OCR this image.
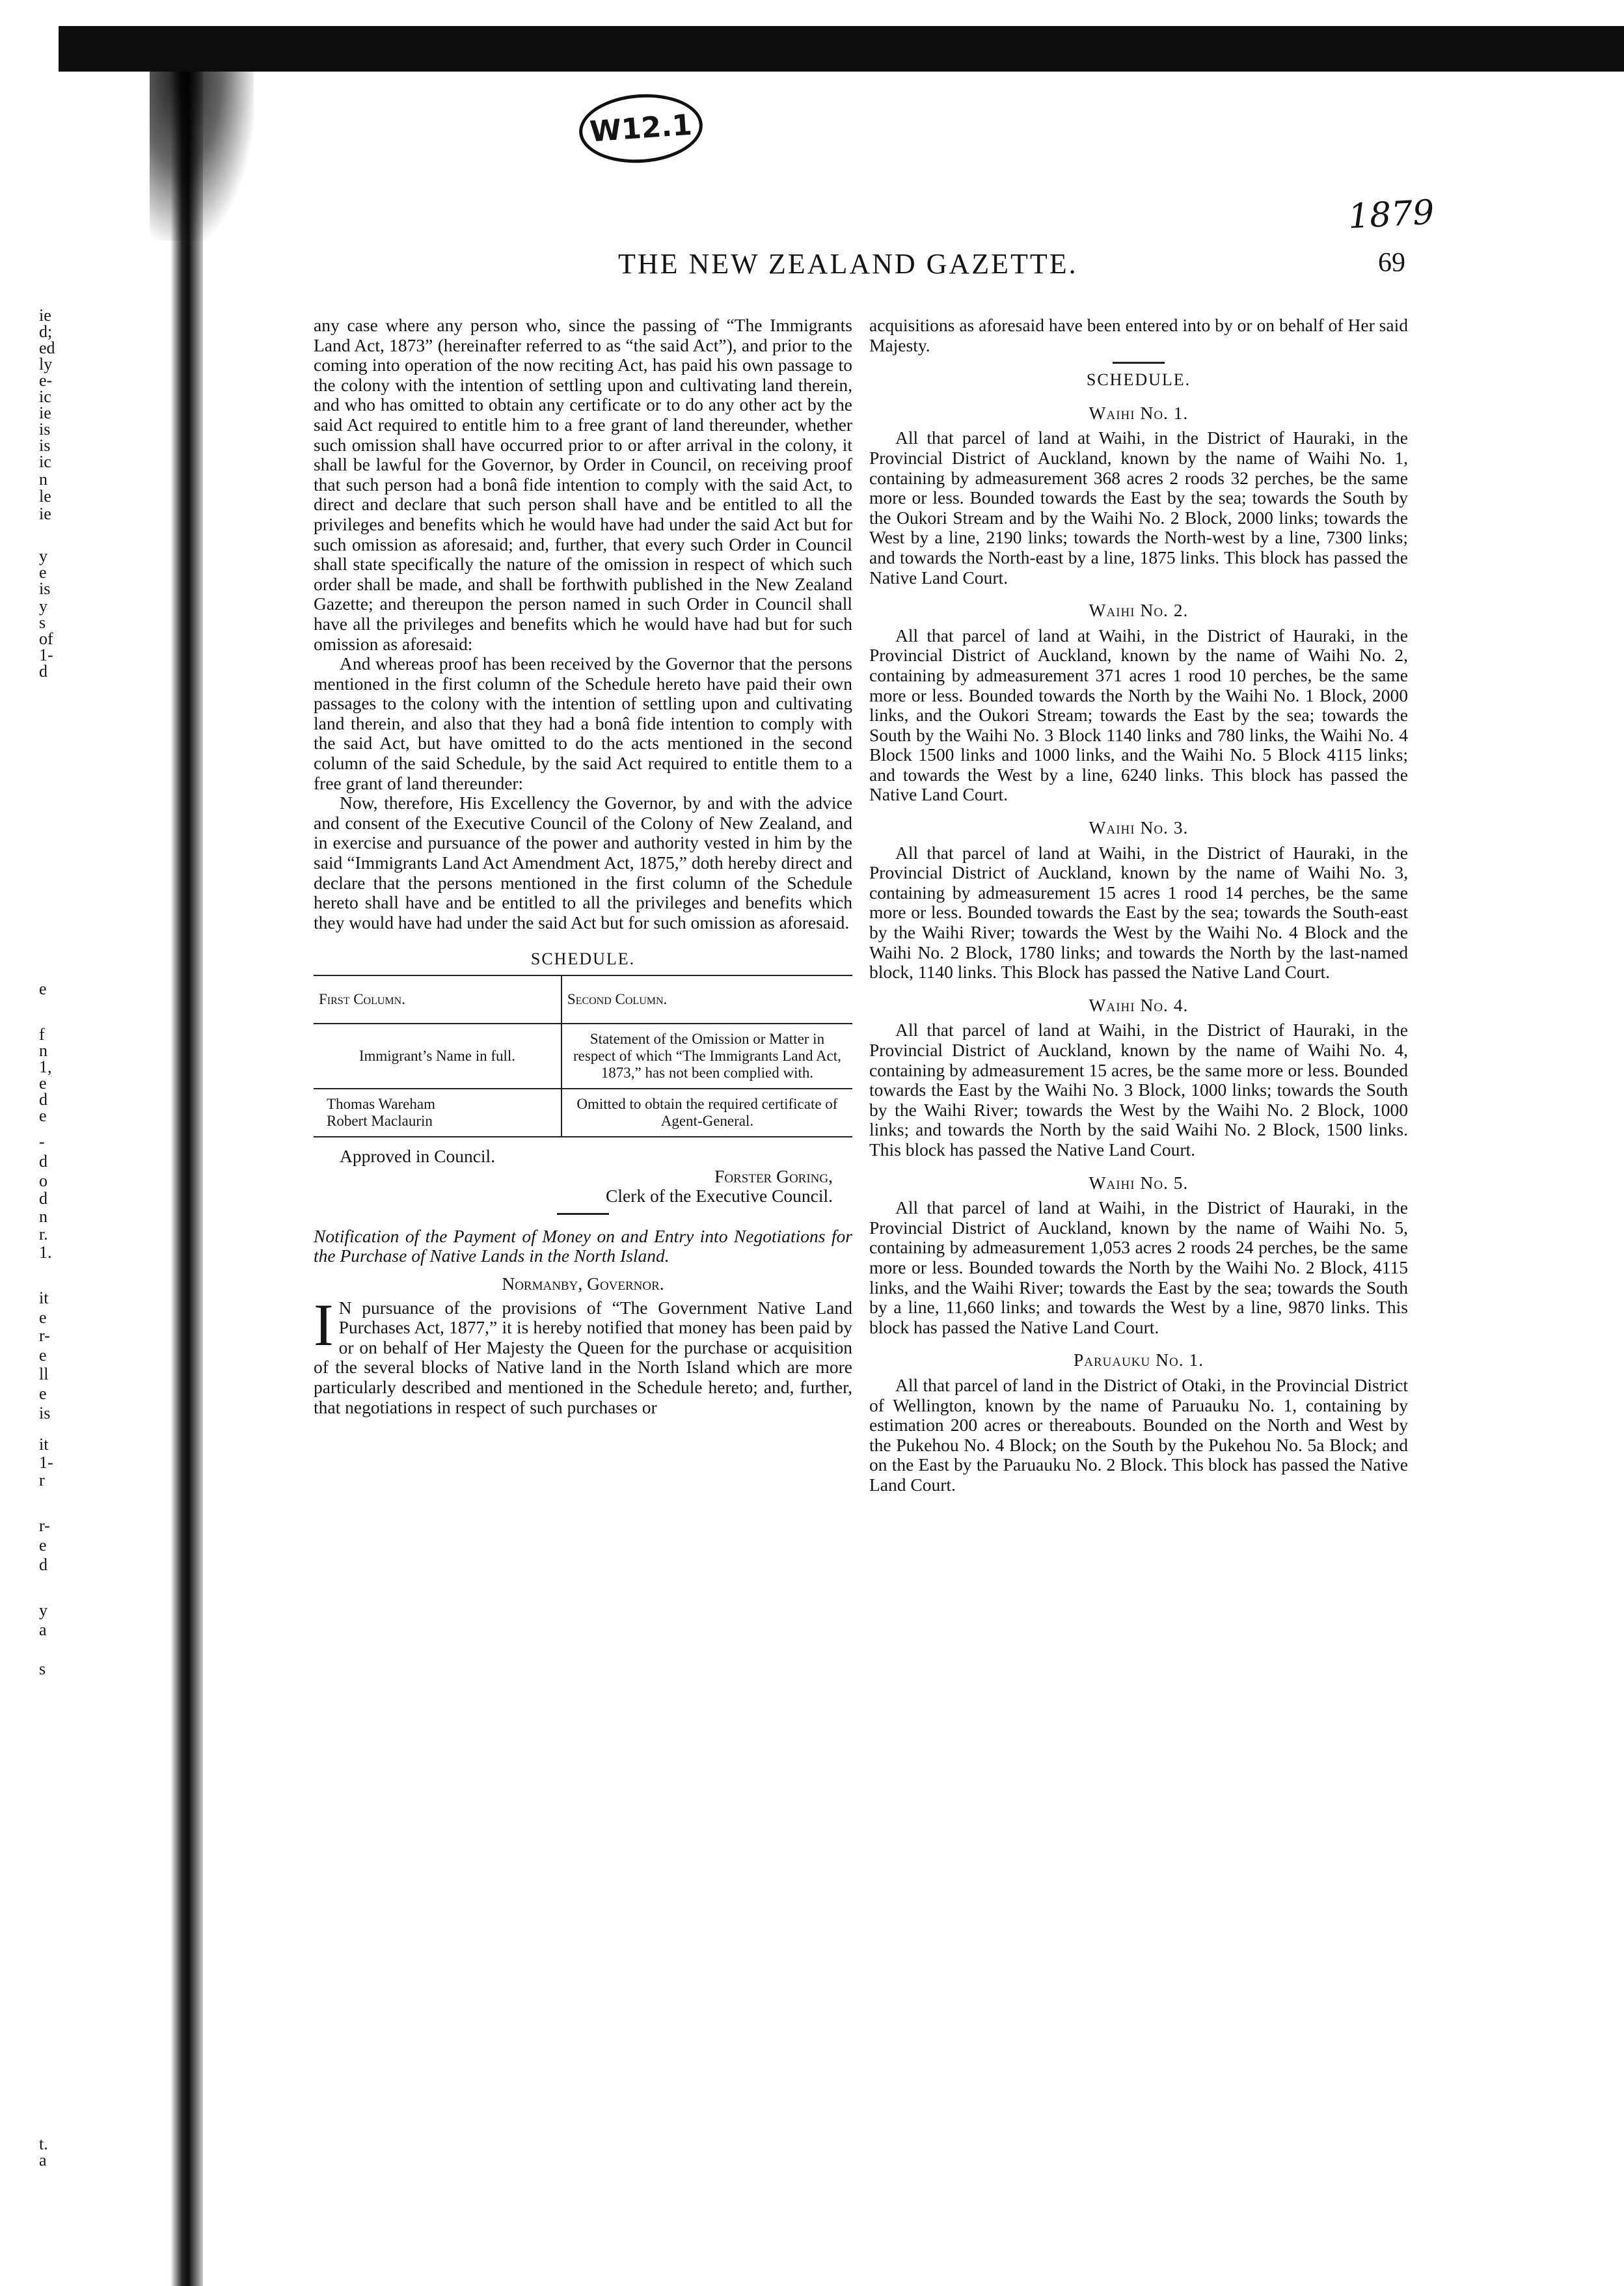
W12.1
1879
THE NEW ZEALAND GAZETTE.	69
ie
d;
ed
ly
e-
ic
ie
is
is
ic
n
le
ie
y
e
is
y
s
of
1-
d
e
f
n
1,
e
d
e
-
d
o
d
n
r.
1.
it
e
r-
e
ll
e
is
it
1-
r
r-
e
d
y
a
s
t.
a

any case where any person who, since the passing of “The Immigrants Land Act, 1873” (hereinafter referred to as “the said Act”), and prior to the coming into operation of the now reciting Act, has paid his own passage to the colony with the intention of settling upon and cultivating land therein, and who has omitted to obtain any certificate or to do any other act by the said Act required to entitle him to a free grant of land thereunder, whether such omission shall have occurred prior to or after arrival in the colony, it shall be lawful for the Governor, by Order in Council, on receiving proof that such person had a bonâ fide intention to comply with the said Act, to direct and declare that such person shall have and be entitled to all the privileges and benefits which he would have had under the said Act but for such omission as aforesaid; and, further, that every such Order in Council shall state specifically the nature of the omission in respect of which such order shall be made, and shall be forthwith published in the New Zealand Gazette; and thereupon the person named in such Order in Council shall have all the privileges and benefits which he would have had but for such omission as aforesaid:

And whereas proof has been received by the Governor that the persons mentioned in the first column of the Schedule hereto have paid their own passages to the colony with the intention of settling upon and cultivating land therein, and also that they had a bonâ fide intention to comply with the said Act, but have omitted to do the acts mentioned in the second column of the said Schedule, by the said Act required to entitle them to a free grant of land thereunder:

Now, therefore, His Excellency the Governor, by and with the advice and consent of the Executive Council of the Colony of New Zealand, and in exercise and pursuance of the power and authority vested in him by the said “Immigrants Land Act Amendment Act, 1875,” doth hereby direct and declare that the persons mentioned in the first column of the Schedule hereto shall have and be entitled to all the privileges and benefits which they would have had under the said Act but for such omission as aforesaid.

SCHEDULE.

First Column.	Second Column.
Immigrant’s Name in full.	Statement of the Omission or Matter in respect of which “The Immigrants Land Act, 1873,” has not been complied with.
Thomas Wareham
Robert Maclaurin	Omitted to obtain the required certificate of Agent-General.

Approved in Council.

Forster Goring,

Clerk of the Executive Council.

Notification of the Payment of Money on and Entry into Negotiations for the Purchase of Native Lands in the North Island.

Normanby, Governor.

I N pursuance of the provisions of “The Government Native Land Purchases Act, 1877,” it is hereby notified that money has been paid by or on behalf of Her Majesty the Queen for the purchase or acquisition of the several blocks of Native land in the North Island which are more particularly described and mentioned in the Schedule hereto; and, further, that negotiations in respect of such purchases or

acquisitions as aforesaid have been entered into by or on behalf of Her said Majesty.

SCHEDULE.

Waihi No. 1.

All that parcel of land at Waihi, in the District of Hauraki, in the Provincial District of Auckland, known by the name of Waihi No. 1, containing by admeasurement 368 acres 2 roods 32 perches, be the same more or less. Bounded towards the East by the sea; towards the South by the Oukori Stream and by the Waihi No. 2 Block, 2000 links; towards the West by a line, 2190 links; towards the North-west by a line, 7300 links; and towards the North-east by a line, 1875 links. This block has passed the Native Land Court.

Waihi No. 2.

All that parcel of land at Waihi, in the District of Hauraki, in the Provincial District of Auckland, known by the name of Waihi No. 2, containing by admeasurement 371 acres 1 rood 10 perches, be the same more or less. Bounded towards the North by the Waihi No. 1 Block, 2000 links, and the Oukori Stream; towards the East by the sea; towards the South by the Waihi No. 3 Block 1140 links and 780 links, the Waihi No. 4 Block 1500 links and 1000 links, and the Waihi No. 5 Block 4115 links; and towards the West by a line, 6240 links. This block has passed the Native Land Court.

Waihi No. 3.

All that parcel of land at Waihi, in the District of Hauraki, in the Provincial District of Auckland, known by the name of Waihi No. 3, containing by admeasurement 15 acres 1 rood 14 perches, be the same more or less. Bounded towards the East by the sea; towards the South-east by the Waihi River; towards the West by the Waihi No. 4 Block and the Waihi No. 2 Block, 1780 links; and towards the North by the last-named block, 1140 links. This Block has passed the Native Land Court.

Waihi No. 4.

All that parcel of land at Waihi, in the District of Hauraki, in the Provincial District of Auckland, known by the name of Waihi No. 4, containing by admeasurement 15 acres, be the same more or less. Bounded towards the East by the Waihi No. 3 Block, 1000 links; towards the South by the Waihi River; towards the West by the Waihi No. 2 Block, 1000 links; and towards the North by the said Waihi No. 2 Block, 1500 links. This block has passed the Native Land Court.

Waihi No. 5.

All that parcel of land at Waihi, in the District of Hauraki, in the Provincial District of Auckland, known by the name of Waihi No. 5, containing by admeasurement 1,053 acres 2 roods 24 perches, be the same more or less. Bounded towards the North by the Waihi No. 2 Block, 4115 links, and the Waihi River; towards the East by the sea; towards the South by a line, 11,660 links; and towards the West by a line, 9870 links. This block has passed the Native Land Court.

Paruauku No. 1.

All that parcel of land in the District of Otaki, in the Provincial District of Wellington, known by the name of Paruauku No. 1, containing by estimation 200 acres or thereabouts. Bounded on the North and West by the Pukehou No. 4 Block; on the South by the Pukehou No. 5a Block; and on the East by the Paruauku No. 2 Block. This block has passed the Native Land Court.
